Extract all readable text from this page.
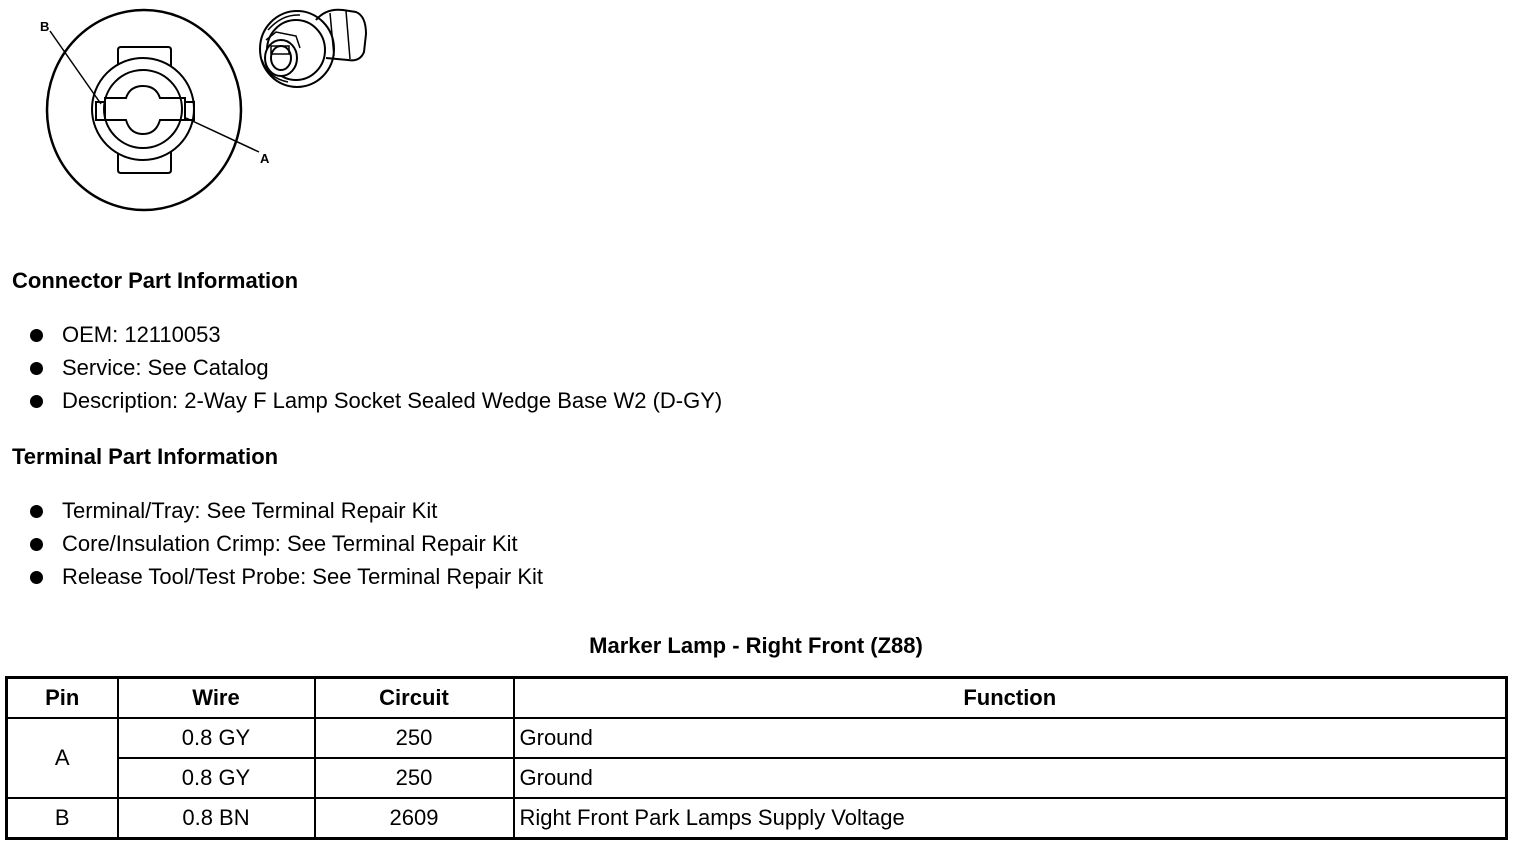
B
A
Connector Part Information
OEM: 12110053
Service: See Catalog
Description: 2-Way F Lamp Socket Sealed Wedge Base W2 (D-GY)
Terminal Part Information
Terminal/Tray: See Terminal Repair Kit
Core/Insulation Crimp: See Terminal Repair Kit
Release Tool/Test Probe: See Terminal Repair Kit
Marker Lamp - Right Front (Z88)
Pin	Wire	Circuit	Function
A	0.8 GY	250	Ground
	0.8 GY	250	Ground
B	0.8 BN	2609	Right Front Park Lamps Supply Voltage
